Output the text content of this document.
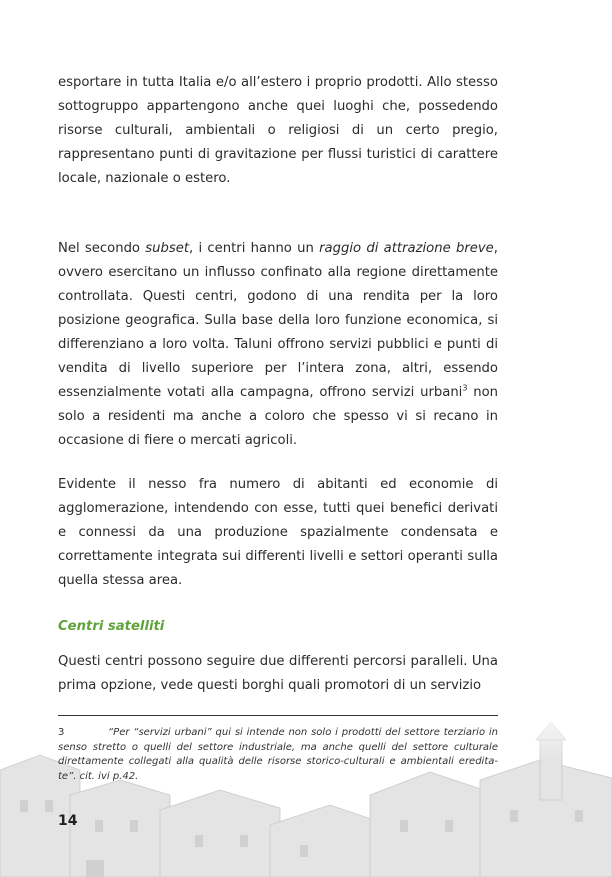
esportare in tutta Italia e/o all’estero i proprio prodotti. Allo stesso sottogruppo appartengono anche quei luoghi che, possedendo risorse culturali, ambientali o religiosi di un certo pregio, rappresentano punti di gravitazione per flussi turistici di carattere locale, nazionale o estero.

Nel secondo subset, i centri hanno un raggio di attrazione breve, ovvero esercitano un influsso confinato alla regione direttamente controllata. Questi centri, godono di una rendita per la loro posizione geografica. Sulla base della loro funzione economica, si differenziano a loro volta. Taluni offrono servizi pubblici e punti di vendita di livello superiore per l’intera zona, altri, essendo essenzialmente votati alla campagna, offrono servizi urbani$^3$ non solo a residenti ma anche a coloro che spesso vi si recano in occasione di fiere o mercati agricoli.

Evidente il nesso fra numero di abitanti ed economie di agglomerazione, intendendo con esse, tutti quei benefici derivati e connessi da una produzione spazialmente condensata e correttamente integrata sui differenti livelli e settori operanti sulla quella stessa area.

Centri satelliti

Questi centri possono seguire due differenti percorsi paralleli. Una prima opzione, vede questi borghi quali promotori di un servizio

3	“Per “servizi urbani” qui si intende non solo i prodotti del settore terziario in senso stretto o quelli del settore industriale, ma anche quelli del settore culturale direttamente collegati alla qualità delle risorse storico-culturali e ambientali eredita-te”. cit. ivi p.42.

14
